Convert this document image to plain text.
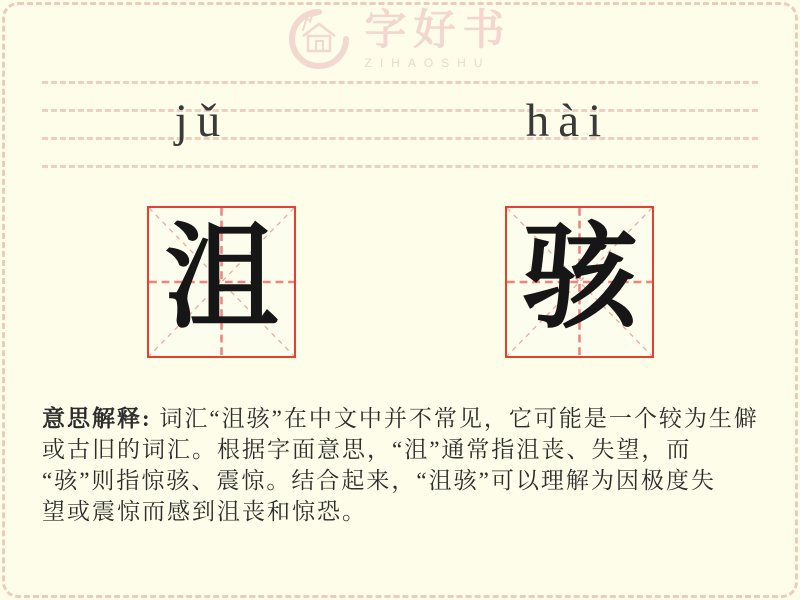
字好书
ZIHAOSHU
jǔ	hài
沮 骇
意思解释: 词汇“沮骇”在中文中并不常见，它可能是一个较为生僻
或古旧的词汇。根据字面意思，“沮”通常指沮丧、失望，而
“骇”则指惊骇、震惊。结合起来，“沮骇”可以理解为因极度失
望或震惊而感到沮丧和惊恐。
